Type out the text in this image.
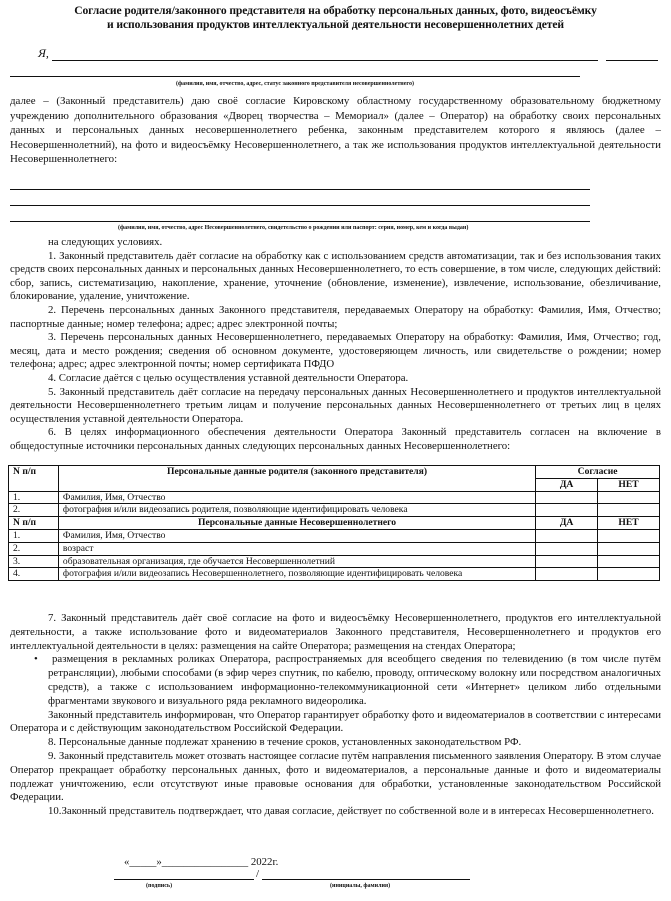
Согласие родителя/законного представителя на обработку персональных данных, фото, видеосъёмку
и использования продуктов интеллектуальной деятельности несовершеннолетних детей
Я,
(фамилия, имя, отчество, адрес, статус законного представителя несовершеннолетнего)
далее – (Законный представитель) даю своё согласие Кировскому областному государственному образовательному бюджетному учреждению дополнительного образования «Дворец творчества – Мемориал» (далее – Оператор) на обработку своих персональных данных и персональных данных несовершеннолетнего ребенка, законным представителем которого я являюсь (далее – Несовершеннолетний), на фото и видеосъёмку Несовершеннолетнего, а так же использования продуктов интеллектуальной деятельности Несовершеннолетнего:
(фамилия, имя, отчество, адрес Несовершеннолетнего, свидетельство о рождении или паспорт: серия, номер, кем и когда выдан)

на следующих условиях.

1. Законный представитель даёт согласие на обработку как с использованием средств автоматизации, так и без использования таких средств своих персональных данных и персональных данных Несовершеннолетнего, то есть совершение, в том числе, следующих действий: сбор, запись, систематизацию, накопление, хранение, уточнение (обновление, изменение), извлечение, использование, обезличивание, блокирование, удаление, уничтожение.

2. Перечень персональных данных Законного представителя, передаваемых Оператору на обработку: Фамилия, Имя, Отчество; паспортные данные; номер телефона; адрес; адрес электронной почты;

3. Перечень персональных данных Несовершеннолетнего, передаваемых Оператору на обработку: Фамилия, Имя, Отчество; год, месяц, дата и место рождения; сведения об основном документе, удостоверяющем личность, или свидетельстве о рождении; номер телефона; адрес; адрес электронной почты; номер сертификата ПФДО

4. Согласие даётся с целью осуществления уставной деятельности Оператора.

5. Законный представитель даёт согласие на передачу персональных данных Несовершеннолетнего и продуктов интеллектуальной деятельности Несовершеннолетнего третьим лицам и получение персональных данных Несовершеннолетнего от третьих лиц в целях осуществления уставной деятельности Оператора.

6. В целях информационного обеспечения деятельности Оператора Законный представитель согласен на включение в общедоступные источники персональных данных следующих персональных данных Несовершеннолетнего:

N п/п	Персональные данные родителя (законного представителя)	Согласие	
		ДА	НЕТ
1.	Фамилия, Имя, Отчество		
2.	фотография и/или видеозапись родителя, позволяющие идентифицировать человека		
N п/п	Персональные данные Несовершеннолетнего	ДА	НЕТ
1.	Фамилия, Имя, Отчество		
2.	возраст		
3.	образовательная организация, где обучается Несовершеннолетний		
4.	фотография и/или видеозапись Несовершеннолетнего, позволяющие идентифицировать человека		

7. Законный представитель даёт своё согласие на фото и видеосъёмку Несовершеннолетнего, продуктов его интеллектуальной деятельности, а также использование фото и видеоматериалов Законного представителя, Несовершеннолетнего и продуктов его интеллектуальной деятельности в целях: размещения на сайте Оператора; размещения на стендах Оператора;

•   размещения в рекламных роликах Оператора, распространяемых для всеобщего сведения по телевидению (в том числе путём ретрансляции), любыми способами (в эфир через спутник, по кабелю, проводу, оптическому волокну или посредством аналогичных средств), а также с использованием информационно-телекоммуникационной сети «Интернет» целиком либо отдельными фрагментами звукового и визуального ряда рекламного видеоролика.

Законный представитель информирован, что Оператор гарантирует обработку фото и видеоматериалов в соответствии с интересами Оператора и с действующим законодательством Российской Федерации.

8. Персональные данные подлежат хранению в течение сроков, установленных законодательством РФ.

9. Законный представитель может отозвать настоящее согласие путём направления письменного заявления Оператору. В этом случае Оператор прекращает обработку персональных данных, фото и видеоматериалов, а персональные данные и фото и видеоматериалы подлежат уничтожению, если отсутствуют иные правовые основания для обработки, установленные законодательством Российской Федерации.

10.Законный представитель подтверждает, что давая согласие, действует по собственной воле и в интересах Несовершеннолетнего.

«_____»________________ 2022г.
/
(подпись)	(инициалы, фамилия)
